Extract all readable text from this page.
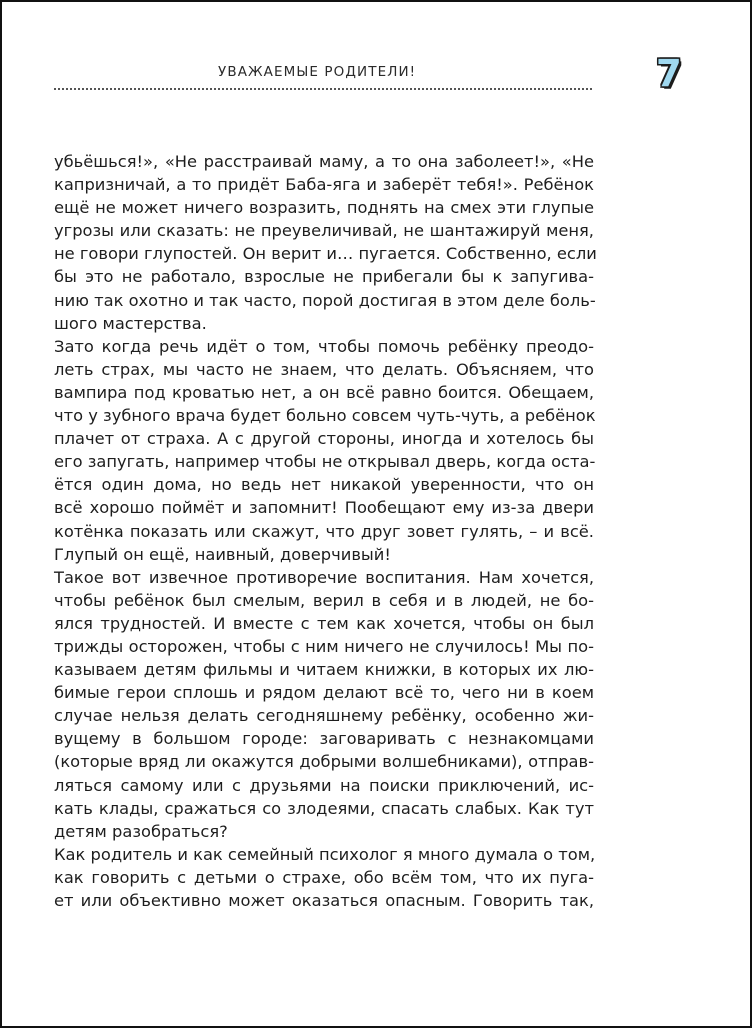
УВАЖАЕМЫЕ РОДИТЕЛИ!	7
убьёшься!», «Не расстраивай маму, а то она заболеет!», «Не
капризничай, а то придёт Баба-яга и заберёт тебя!». Ребёнок
ещё не может ничего возразить, поднять на смех эти глупые
угрозы или сказать: не преувеличивай, не шантажируй меня,
не говори глупостей. Он верит и… пугается. Собственно, если
бы это не работало, взрослые не прибегали бы к запугива-
нию так охотно и так часто, порой достигая в этом деле боль-
шого мастерства.
Зато когда речь идёт о том, чтобы помочь ребёнку преодо-
леть страх, мы часто не знаем, что делать. Объясняем, что
вампира под кроватью нет, а он всё равно боится. Обещаем,
что у зубного врача будет больно совсем чуть-чуть, а ребёнок
плачет от страха. А с другой стороны, иногда и хотелось бы
его запугать, например чтобы не открывал дверь, когда оста-
ётся один дома, но ведь нет никакой уверенности, что он
всё хорошо поймёт и запомнит! Пообещают ему из-за двери
котёнка показать или скажут, что друг зовет гулять, – и всё.
Глупый он ещё, наивный, доверчивый!
Такое вот извечное противоречие воспитания. Нам хочется,
чтобы ребёнок был смелым, верил в себя и в людей, не бо-
ялся трудностей. И вместе с тем как хочется, чтобы он был
трижды осторожен, чтобы с ним ничего не случилось! Мы по-
казываем детям фильмы и читаем книжки, в которых их лю-
бимые герои сплошь и рядом делают всё то, чего ни в коем
случае нельзя делать сегодняшнему ребёнку, особенно жи-
вущему в большом городе: заговаривать с незнакомцами
(которые вряд ли окажутся добрыми волшебниками), отправ-
ляться самому или с друзьями на поиски приключений, ис-
кать клады, сражаться со злодеями, спасать слабых. Как тут
детям разобраться?
Как родитель и как семейный психолог я много думала о том,
как говорить с детьми о страхе, обо всём том, что их пуга-
ет или объективно может оказаться опасным. Говорить так,
